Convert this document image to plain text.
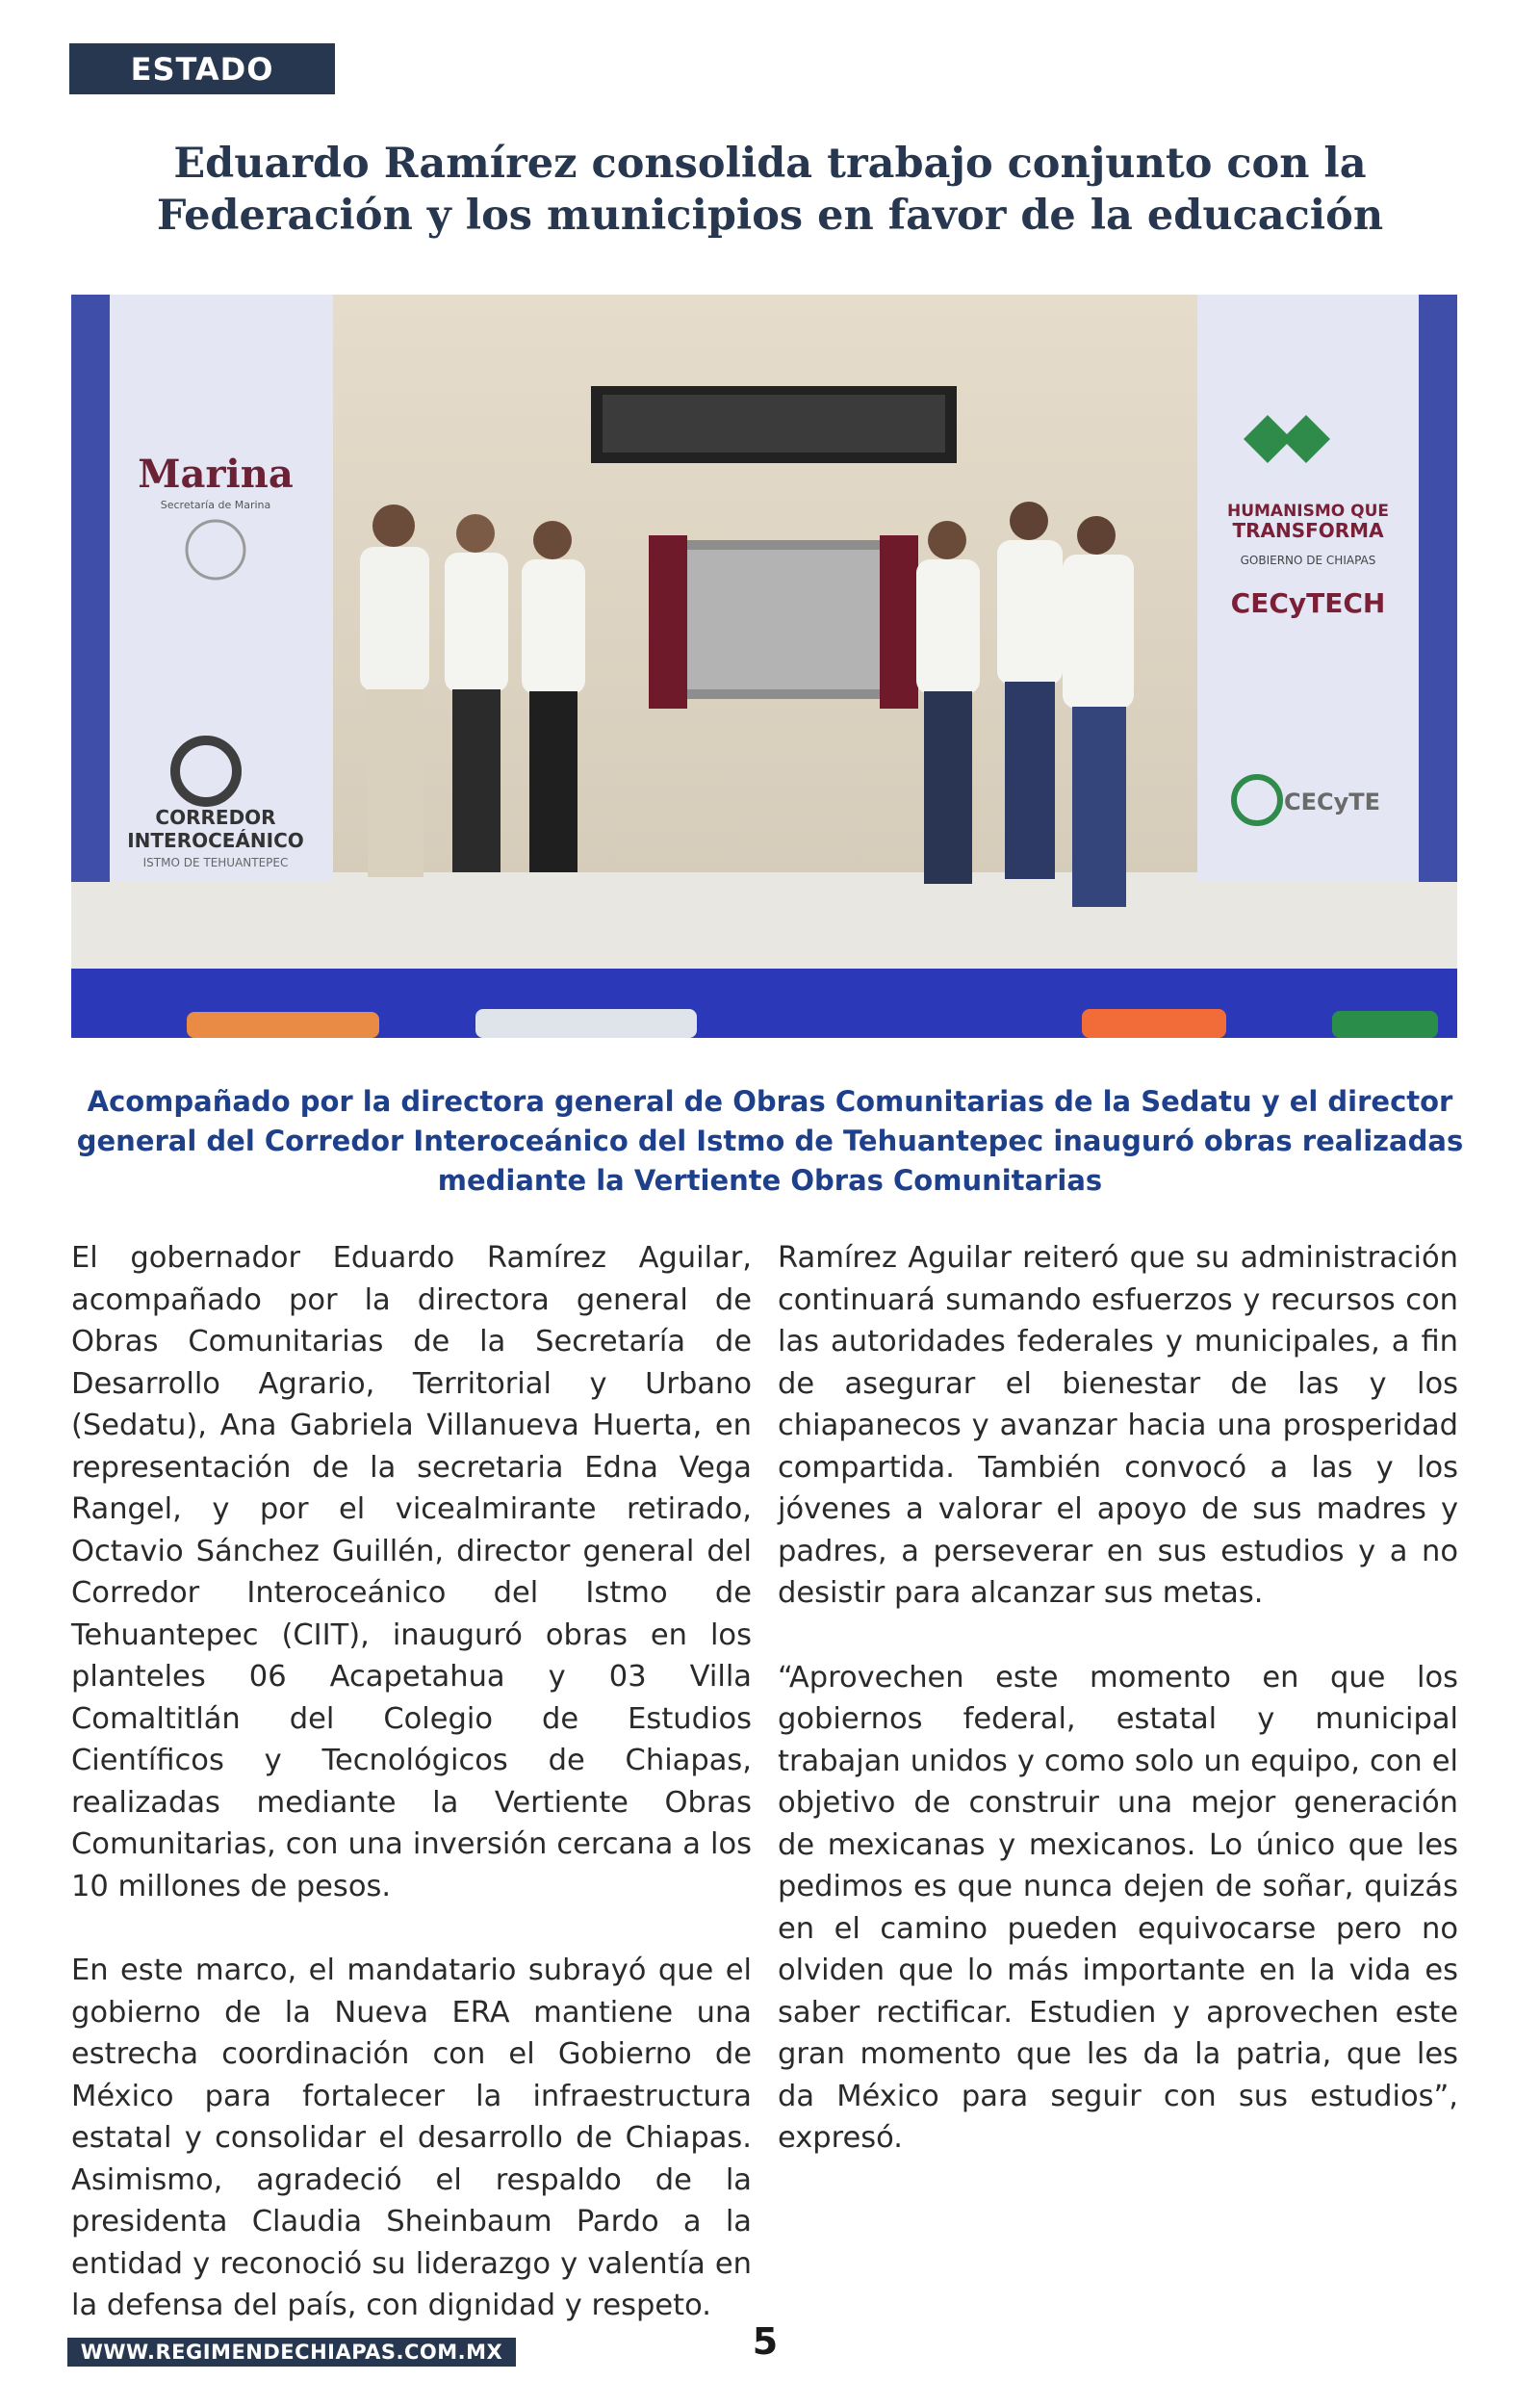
ESTADO
Eduardo Ramírez consolida trabajo conjunto con la Federación y los municipios en favor de la educación
Marina
Secretaría de Marina
CORREDOR
INTEROCEÁNICO
ISTMO DE TEHUANTEPEC
HUMANISMO QUE
TRANSFORMA
GOBIERNO DE CHIAPAS
CECyTECH
CECyTE

Acompañado por la directora general de Obras Comunitarias de la Sedatu y el director general del Corredor Interoceánico del Istmo de Tehuantepec inauguró obras realizadas mediante la Vertiente Obras Comunitarias

El gobernador Eduardo Ramírez Aguilar, acompañado por la directora general de Obras Comunitarias de la Secretaría de Desarrollo Agrario, Territorial y Urbano (Sedatu), Ana Gabriela Villanueva Huerta, en representación de la secretaria Edna Vega Rangel, y por el vicealmirante retirado, Octavio Sánchez Guillén, director general del Corredor Interoceánico del Istmo de Tehuantepec (CIIT), inauguró obras en los planteles 06 Acapetahua y 03 Villa Comaltitlán del Colegio de Estudios Científicos y Tecnológicos de Chiapas, realizadas mediante la Vertiente Obras Comunitarias, con una inversión cercana a los 10 millones de pesos.

En este marco, el mandatario subrayó que el gobierno de la Nueva ERA mantiene una estrecha coordinación con el Gobierno de México para fortalecer la infraestructura estatal y consolidar el desarrollo de Chiapas. Asimismo, agradeció el respaldo de la presidenta Claudia Sheinbaum Pardo a la entidad y reconoció su liderazgo y valentía en la defensa del país, con dignidad y respeto.

Ramírez Aguilar reiteró que su administración continuará sumando esfuerzos y recursos con las autoridades federales y municipales, a fin de asegurar el bienestar de las y los chiapanecos y avanzar hacia una prosperidad compartida. También convocó a las y los jóvenes a valorar el apoyo de sus madres y padres, a perseverar en sus estudios y a no desistir para alcanzar sus metas.

“Aprovechen este momento en que los gobiernos federal, estatal y municipal trabajan unidos y como solo un equipo, con el objetivo de construir una mejor generación de mexicanas y mexicanos. Lo único que les pedimos es que nunca dejen de soñar, quizás en el camino pueden equivocarse pero no olviden que lo más importante en la vida es saber rectificar. Estudien y aprovechen este gran momento que les da la patria, que les da México para seguir con sus estudios”, expresó.

WWW.REGIMENDECHIAPAS.COM.MX	5
